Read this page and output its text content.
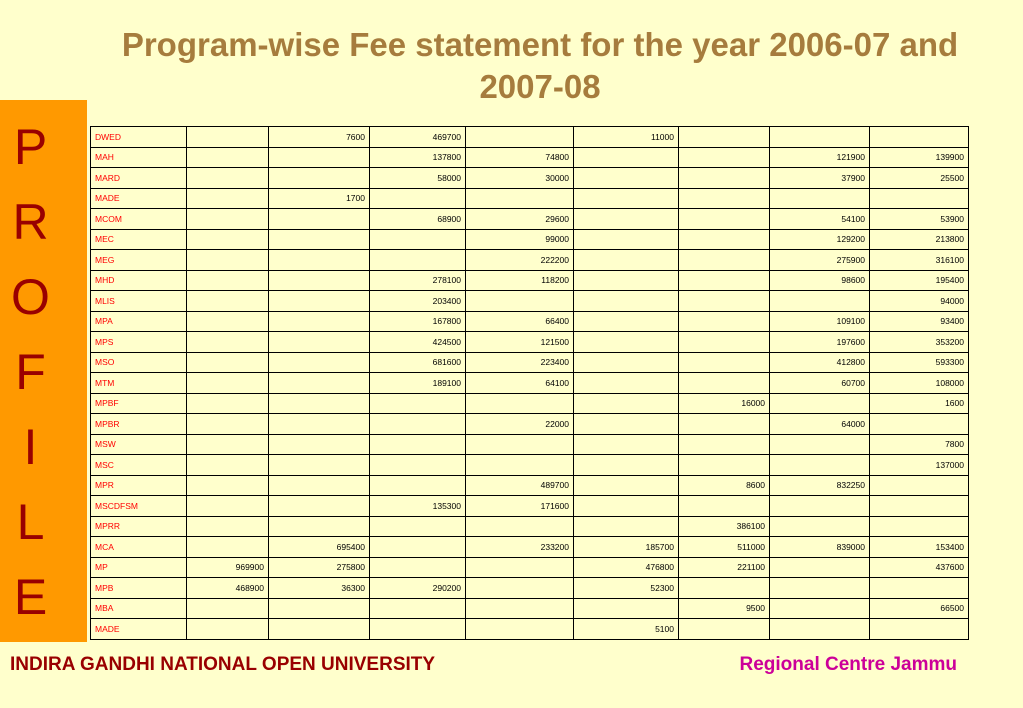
Program-wise Fee statement for the year 2006-07 and 2007-08
P
R
O
F
I
L
E
DWED		7600	469700		11000			
MAH			137800	74800			121900	139900
MARD			58000	30000			37900	25500
MADE		1700						
MCOM			68900	29600			54100	53900
MEC				99000			129200	213800
MEG				222200			275900	316100
MHD			278100	118200			98600	195400
MLIS			203400					94000
MPA			167800	66400			109100	93400
MPS			424500	121500			197600	353200
MSO			681600	223400			412800	593300
MTM			189100	64100			60700	108000
MPBF						16000		1600
MPBR				22000			64000	
MSW								7800
MSC								137000
MPR				489700		8600	832250	
MSCDFSM			135300	171600				
MPRR						386100		
MCA		695400		233200	185700	511000	839000	153400
MP	969900	275800			476800	221100		437600
MPB	468900	36300	290200		52300			
MBA						9500		66500
MADE					5100			
INDIRA GANDHI NATIONAL OPEN UNIVERSITY	Regional Centre Jammu
